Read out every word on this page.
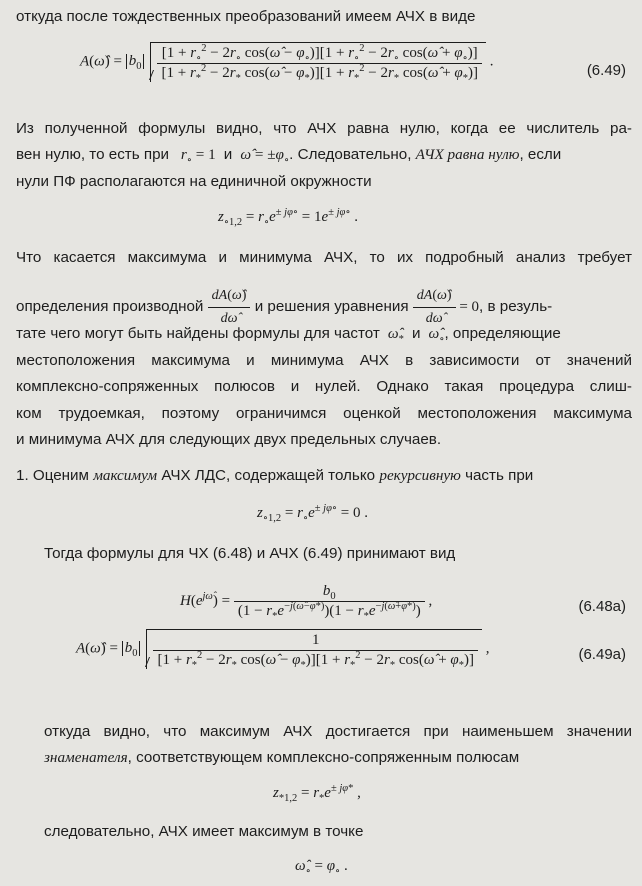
откуда после тождественных преобразований имеем АЧХ в виде
A(ω̂) = $b_0 \frac{[1 + r_\circ^2 - 2r_\circ \cos(\omegâ - \varphi_\circ)][1 + r_\circ^2 - 2r_\circ \cos(\omegâ + \varphi_\circ)]}{[1 + r_*^2 - 2r_* \cos(\omegâ - \varphi_*)][1 + r_*^2 - 2r_* \cos(\omegâ + \varphi_*)]}$ .
(6.49)
Из полученной формулы видно, что АЧХ равна нулю, когда ее числитель ра-
вен нулю, то есть при $r_\circ = 1$  и ω̂ = $\pm\varphi_\circ$. Следовательно, АЧХ равна нулю, если
нули ПФ располагаются на единичной окружности
$z_{\circ 1,2} = r_\circ e^{\pm j\varphi\circ} = 1e^{\pm j\varphi\circ}$ .
Что касается максимума и минимума АЧХ, то их подробный анализ требует
определения производной $\frac{dA(\omegâ)}{d\omegâ}$ и решения уравнения $\frac{dA(\omegâ)}{d\omegâ} = 0$, в резуль-
тате чего могут быть найдены формулы для частот $\omegâ_*$ и $\omegâ_\circ$, определяющие
местоположения максимума и минимума АЧХ в зависимости от значений
комплексно-сопряженных полюсов и нулей. Однако такая процедура слиш-
ком трудоемкая, поэтому ограничимся оценкой местоположения максимума
и минимума АЧХ для следующих двух предельных случаев.
1. Оценим максимум АЧХ ЛДС, содержащей только рекурсивную часть при
$z_{\circ 1,2} = r_\circ e^{\pm j\varphi\circ} = 0$ .
Тогда формулы для ЧХ (6.48) и АЧХ (6.49) принимают вид
$H(e^{j\omegâ}) = \frac{b_0}{(1 - r_*e^{-j(\omegâ-\varphi*)})(1 - r_*e^{-j(\omegâ+\varphi*)})}$ ,	(6.48а)
A(ω̂) = $b_0 \frac{1}{[1 + r_*^2 - 2r_* \cos(\omegâ - \varphi_*)][1 + r_*^2 - 2r_* \cos(\omegâ + \varphi_*)]}$ ,	(6.49а)
откуда видно, что максимум АЧХ достигается при наименьшем значении
знаменателя, соответствующем комплексно-сопряженным полюсам
$z_{*1,2} = r_*e^{\pm j\varphi*}$ ,
следовательно, АЧХ имеет максимум в точке
$\omegâ_\circ = \varphi_\circ$ .
